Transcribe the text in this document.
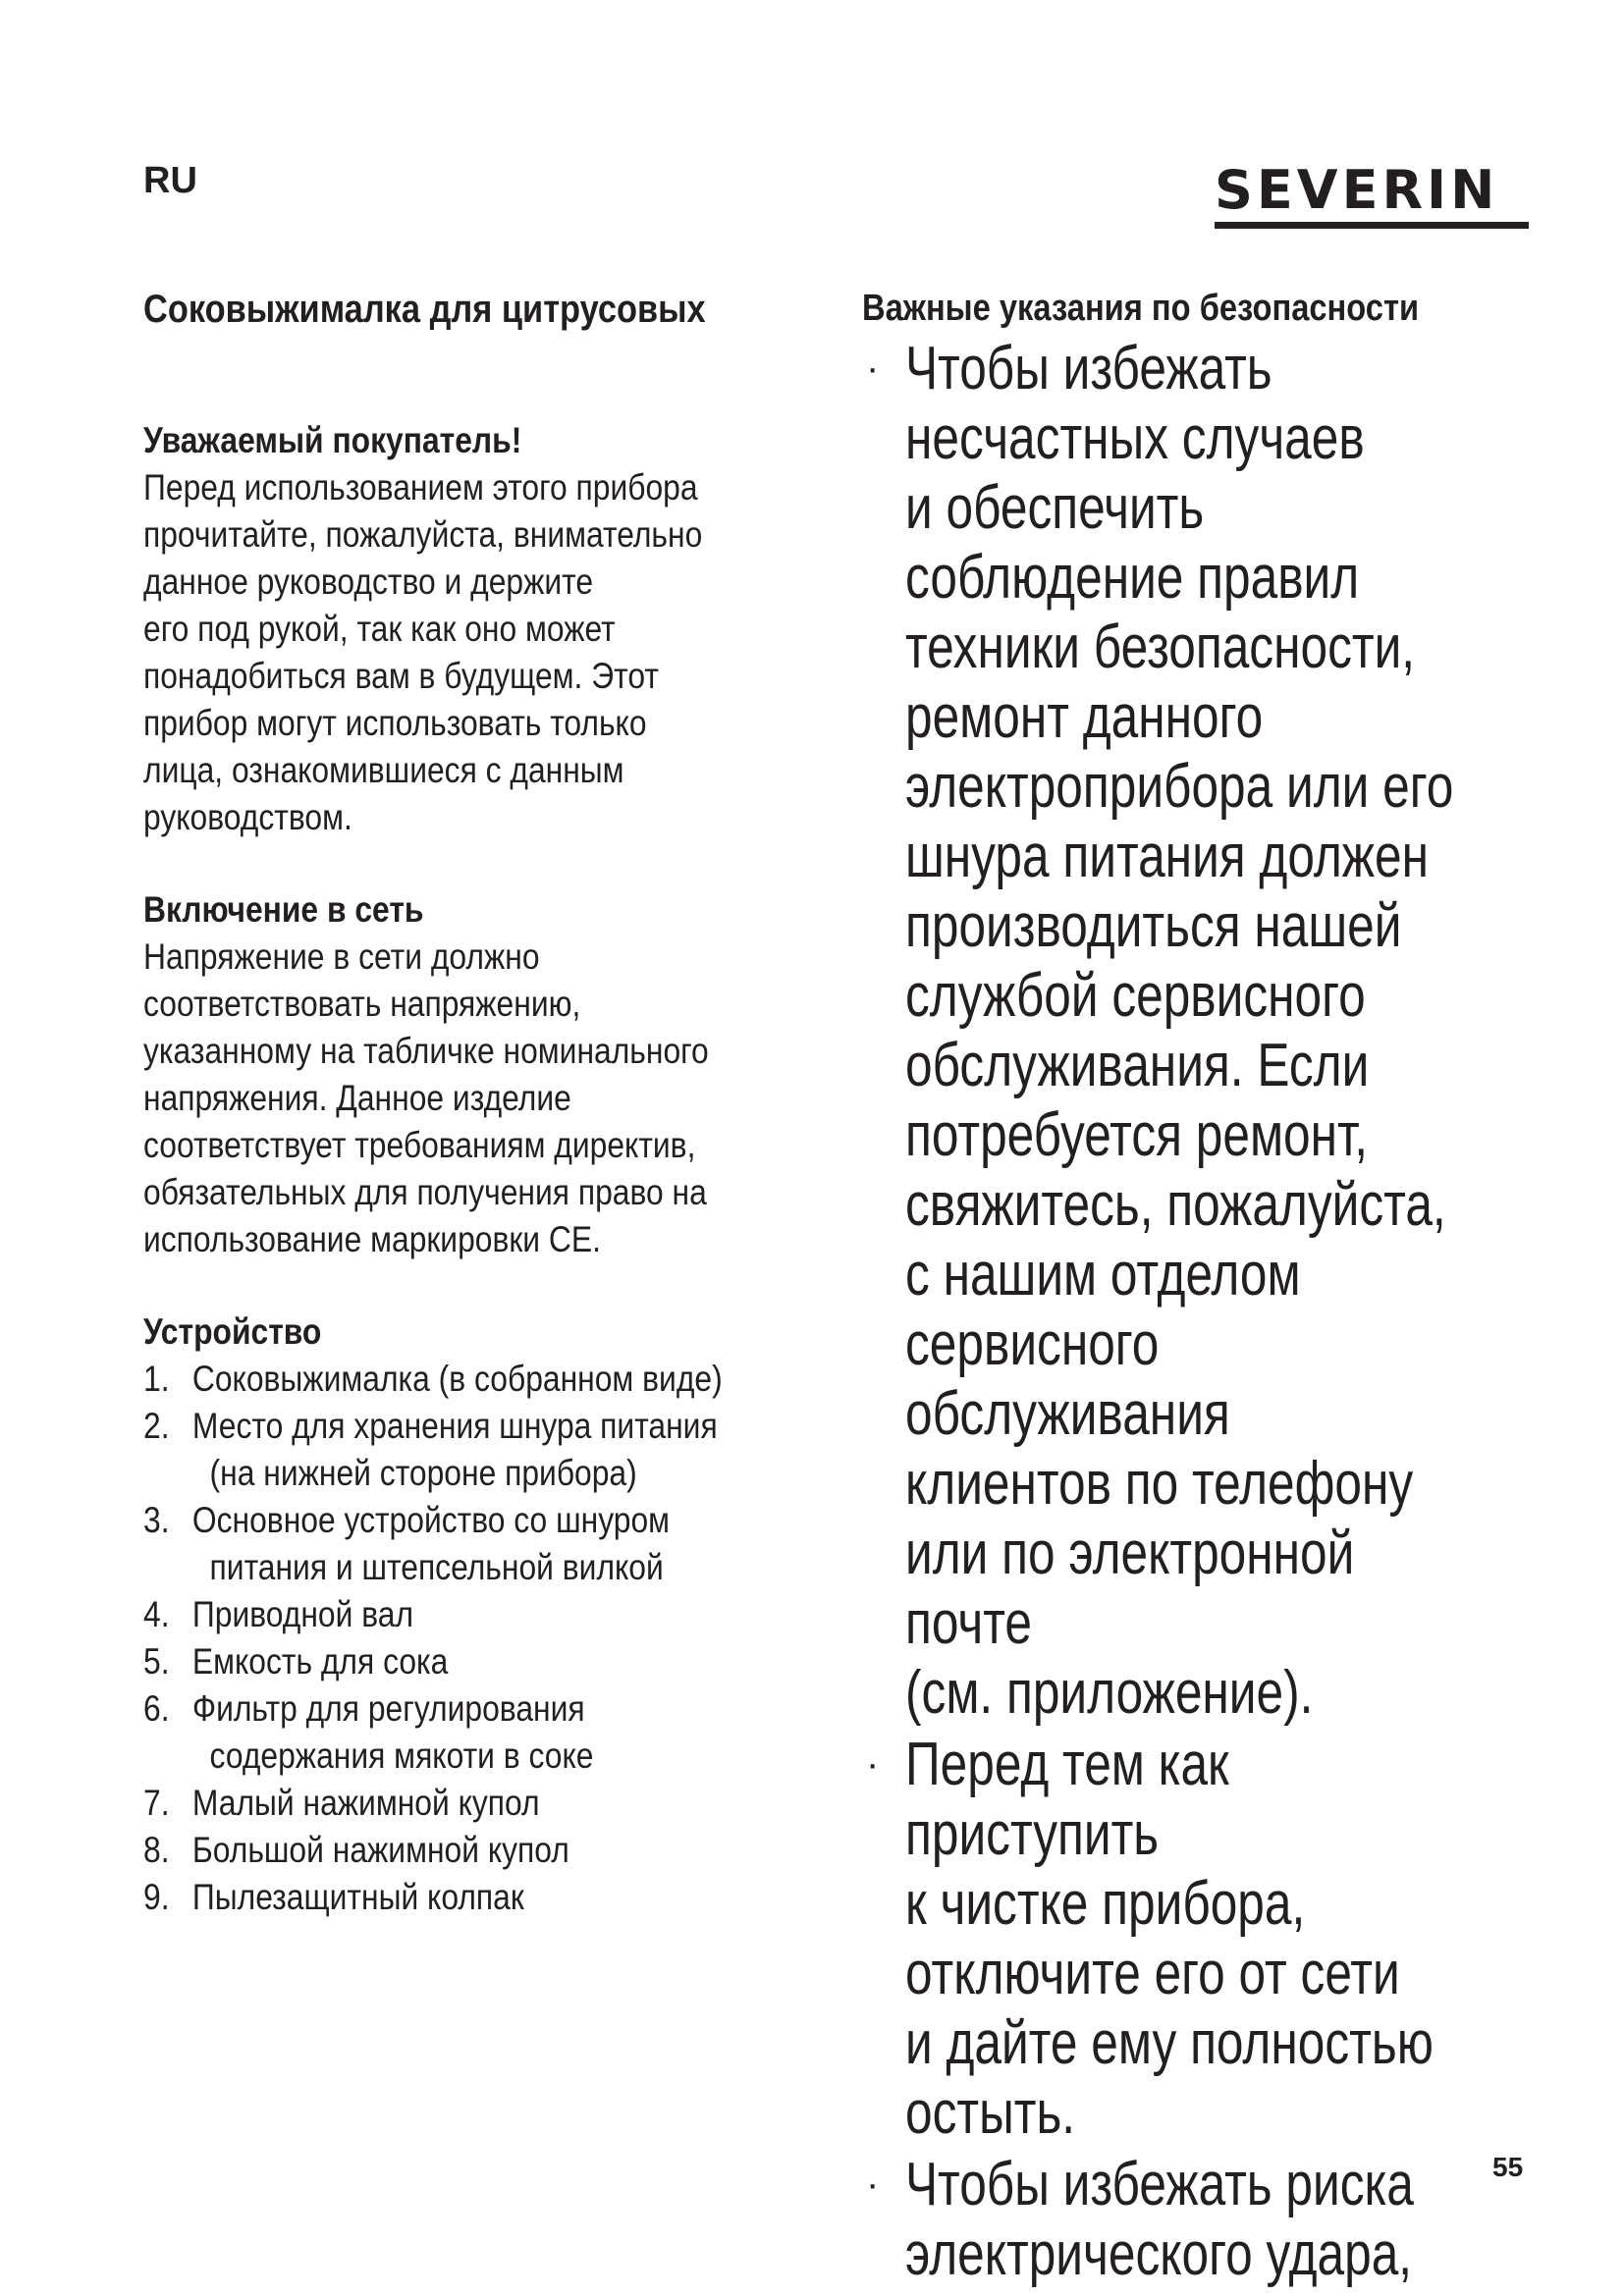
RU	SEVERIN
Соковыжималка для цитрусовых

Уважаемый покупатель!

Перед использованием этого прибора
прочитайте, пожалуйста, внимательно
данное руководство и держите
его под рукой, так как оно может
понадобиться вам в будущем. Этот
прибор могут использовать только
лица, ознакомившиеся с данным
руководством.

Включение в сеть

Напряжение в сети должно
соответствовать напряжению,
указанному на табличке номинального
напряжения. Данное изделие
соответствует требованиям директив,
обязательных для получения право на
использование маркировки CE.

Устройство

1. Соковыжималка (в собранном виде)
2. Место для хранения шнура питания
(на нижней стороне прибора)
3. Основное устройство со шнуром
питания и штепсельной вилкой
4. Приводной вал
5. Емкость для сока
6. Фильтр для регулирования
содержания мякоти в соке
7. Малый нажимной купол
8. Большой нажимной купол
9. Пылезащитный колпак

Важные указания по безопасности

· Чтобы избежать
несчастных случаев
и обеспечить
соблюдение правил
техники безопасности,
ремонт данного
электроприбора или его
шнура питания должен
производиться нашей
службой сервисного
обслуживания. Если
потребуется ремонт,
свяжитесь, пожалуйста,
с нашим отделом
сервисного обслуживания
клиентов по телефону
или по электронной почте
(см. приложение).
· Перед тем как приступить
к чистке прибора,
отключите его от сети
и дайте ему полностью
остыть.
· Чтобы избежать риска
электрического удара,
55
